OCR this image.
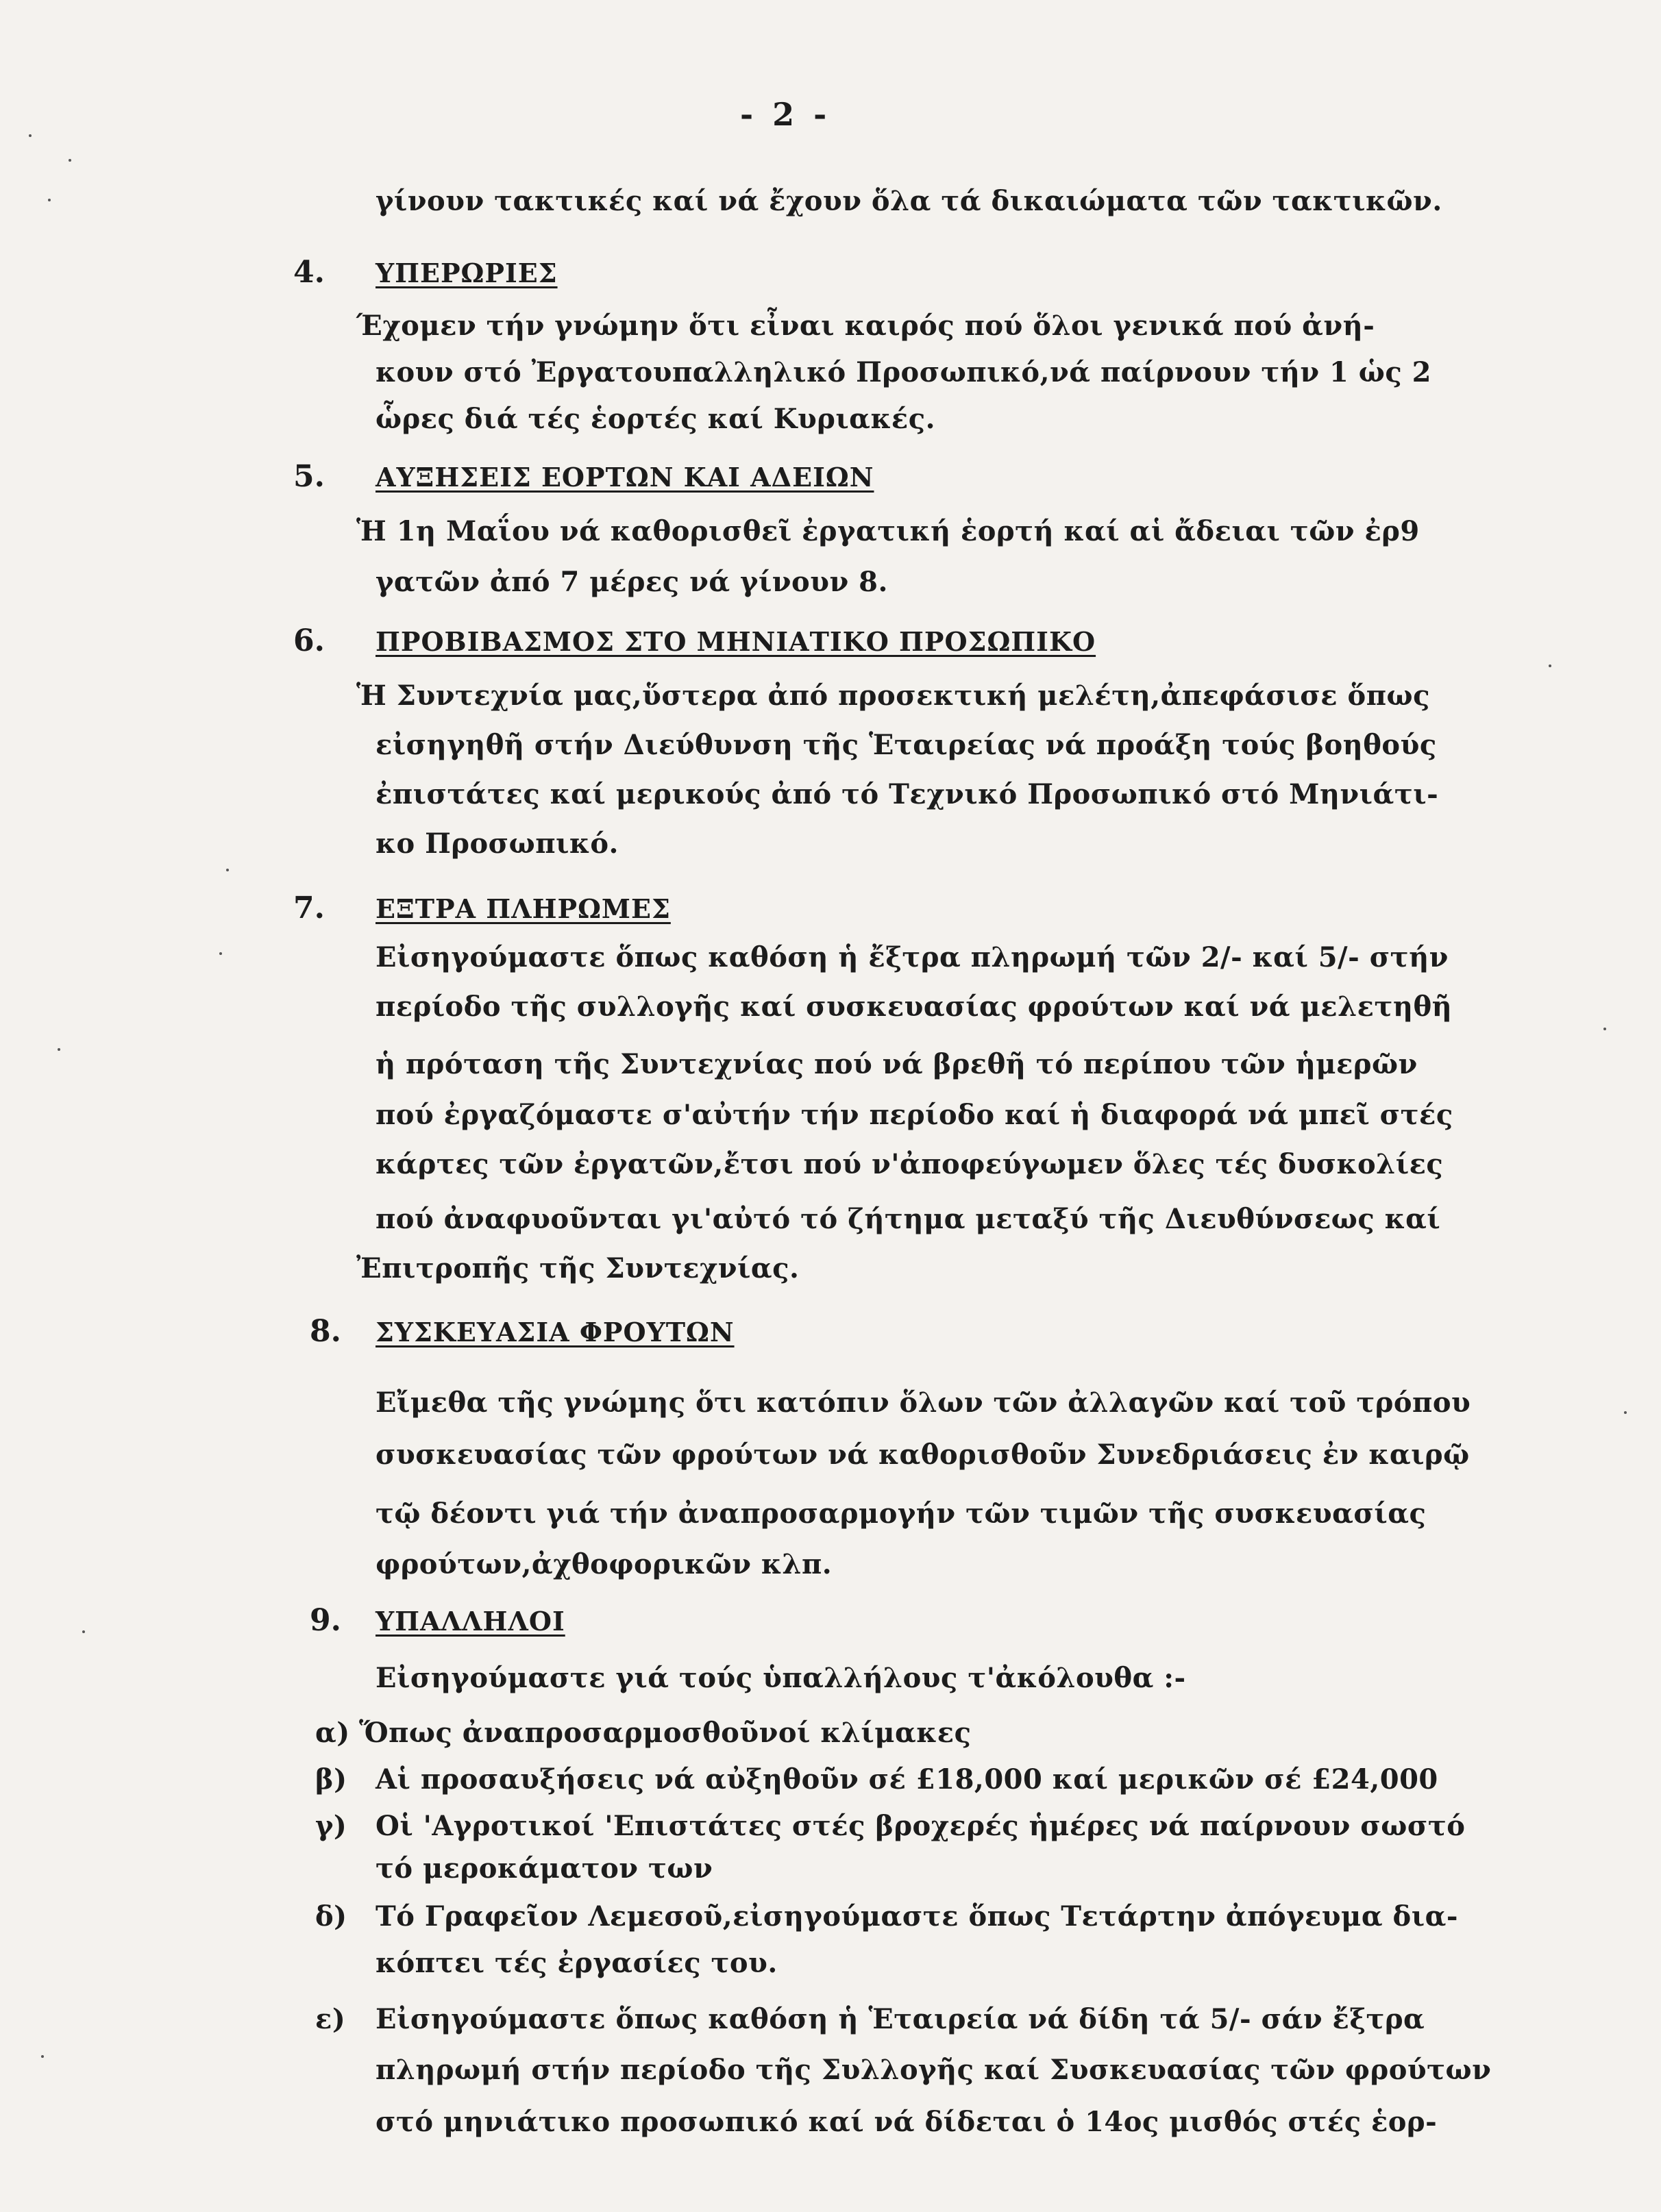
- 2 -
γίνουν τακτικές καί νά ἔχουν ὅλα τά δικαιώματα τῶν τακτικῶν.
4. ΥΠΕΡΩΡΙΕΣ
Έχομεν τήν γνώμην ὅτι εἶναι καιρός πού ὅλοι γενικά πού ἀνή-
κουν στό Ἐργατουπαλληλικό Προσωπικό,νά παίρνουν τήν 1 ὡς 2
ὧρες διά τές ἑορτές καί Κυριακές.
5. ΑΥΞΗΣΕΙΣ ΕΟΡΤΩΝ ΚΑΙ ΑΔΕΙΩΝ
Ἡ 1η Μαΐου νά καθορισθεῖ ἐργατική ἑορτή καί αἱ ἄδειαι τῶν ἐρ9
γατῶν ἀπό 7 μέρες νά γίνουν 8.
6. ΠΡΟΒΙΒΑΣΜΟΣ ΣΤΟ ΜΗΝΙΑΤΙΚΟ ΠΡΟΣΩΠΙΚΟ
Ἡ Συντεχνία μας,ὕστερα ἀπό προσεκτική μελέτη,ἀπεφάσισε ὅπως
εἰσηγηθῆ στήν Διεύθυνση τῆς Ἑταιρείας νά προάξη τούς βοηθούς
ἐπιστάτες καί μερικούς ἀπό τό Τεχνικό Προσωπικό στό Μηνιάτι-
κο Προσωπικό.
7. ΕΞΤΡΑ ΠΛΗΡΩΜΕΣ
Εἰσηγούμαστε ὅπως καθόση ἡ ἔξτρα πληρωμή τῶν 2/- καί 5/- στήν
περίοδο τῆς συλλογῆς καί συσκευασίας φρούτων καί νά μελετηθῆ
ἡ πρόταση τῆς Συντεχνίας πού νά βρεθῆ τό περίπου τῶν ἡμερῶν
πού ἐργαζόμαστε σ'αὐτήν τήν περίοδο καί ἡ διαφορά νά μπεῖ στές
κάρτες τῶν ἐργατῶν,ἔτσι πού ν'ἀποφεύγωμεν ὅλες τές δυσκολίες
πού ἀναφυοῦνται γι'αὐτό τό ζήτημα μεταξύ τῆς Διευθύνσεως καί
Ἐπιτροπῆς τῆς Συντεχνίας.
8. ΣΥΣΚΕΥΑΣΙΑ ΦΡΟΥΤΩΝ
Εἴμεθα τῆς γνώμης ὅτι κατόπιν ὅλων τῶν ἀλλαγῶν καί τοῦ τρόπου
συσκευασίας τῶν φρούτων νά καθορισθοῦν Συνεδριάσεις ἐν καιρῷ
τῷ δέοντι γιά τήν ἀναπροσαρμογήν τῶν τιμῶν τῆς συσκευασίας
φρούτων,ἀχθοφορικῶν κλπ.
9. ΥΠΑΛΛΗΛΟΙ
Εἰσηγούμαστε γιά τούς ὑπαλλήλους τ'ἀκόλουθα :-
α) Ὅπως ἀναπροσαρμοσθοῦνοί κλίμακες
β) Αἱ προσαυξήσεις νά αὐξηθοῦν σέ £18,000 καί μερικῶν σέ £24,000
γ) Οἱ 'Αγροτικοί 'Επιστάτες στές βροχερές ἡμέρες νά παίρνουν σωστό
τό μεροκάματον των
δ) Τό Γραφεῖον Λεμεσοῦ,εἰσηγούμαστε ὅπως Τετάρτην ἀπόγευμα δια-
κόπτει τές ἐργασίες του.
ε) Εἰσηγούμαστε ὅπως καθόση ἡ Ἑταιρεία νά δίδη τά 5/- σάν ἔξτρα
πληρωμή στήν περίοδο τῆς Συλλογῆς καί Συσκευασίας τῶν φρούτων
στό μηνιάτικο προσωπικό καί νά δίδεται ὁ 14ος μισθός στές ἑορ-
